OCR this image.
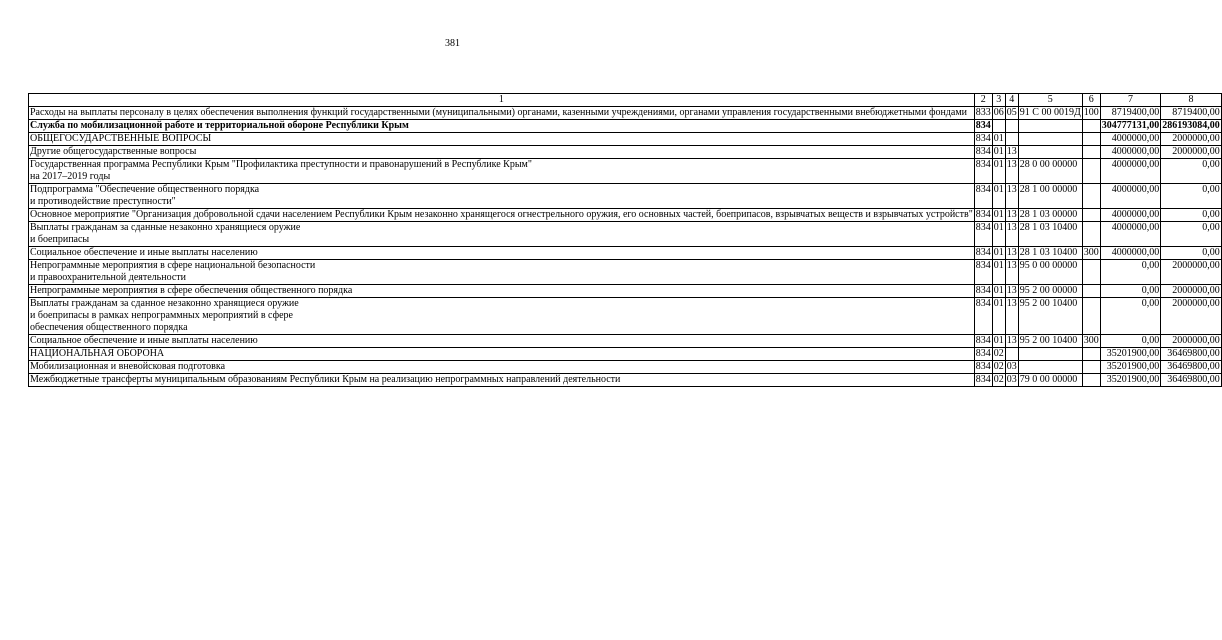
381
1	2	3	4	5	6	7	8
Расходы на выплаты персоналу в целях обеспечения выполнения функций государственными (муниципальными) органами, казенными учреждениями, органами управления государственными внебюджетными фондами	833	06	05	91 С 00 0019Д	100	8719400,00	8719400,00
Служба по мобилизационной работе и территориальной обороне Республики Крым	834					304777131,00	286193084,00
ОБЩЕГОСУДАРСТВЕННЫЕ ВОПРОСЫ	834	01				4000000,00	2000000,00
Другие общегосударственные вопросы	834	01	13			4000000,00	2000000,00

Государственная программа Республики Крым "Профилактика преступности и правонарушений в Республике Крым"
на 2017–2019 годы	834	01	13	28 0 00 00000		4000000,00	0,00

Подпрограмма "Обеспечение общественного порядка
и противодействие преступности"	834	01	13	28 1 00 00000		4000000,00	0,00
Основное мероприятие "Организация добровольной сдачи населением Республики Крым незаконно хранящегося огнестрельного оружия, его основных частей, боеприпасов, взрывчатых веществ и взрывчатых устройств"	834	01	13	28 1 03 00000		4000000,00	0,00

Выплаты гражданам за сданные незаконно хранящиеся оружие
и боеприпасы	834	01	13	28 1 03 10400		4000000,00	0,00
Социальное обеспечение и иные выплаты населению	834	01	13	28 1 03 10400	300	4000000,00	0,00

Непрограммные мероприятия в сфере национальной безопасности
и правоохранительной деятельности	834	01	13	95 0 00 00000		0,00	2000000,00
Непрограммные мероприятия в сфере обеспечения общественного порядка	834	01	13	95 2 00 00000		0,00	2000000,00

Выплаты гражданам за сданное незаконно хранящиеся оружие
и боеприпасы в рамках непрограммных мероприятий в сфере
обеспечения общественного порядка	834	01	13	95 2 00 10400		0,00	2000000,00
Социальное обеспечение и иные выплаты населению	834	01	13	95 2 00 10400	300	0,00	2000000,00
НАЦИОНАЛЬНАЯ ОБОРОНА	834	02				35201900,00	36469800,00
Мобилизационная и вневойсковая подготовка	834	02	03			35201900,00	36469800,00
Межбюджетные трансферты муниципальным образованиям Республики Крым на реализацию непрограммных направлений деятельности	834	02	03	79 0 00 00000		35201900,00	36469800,00
